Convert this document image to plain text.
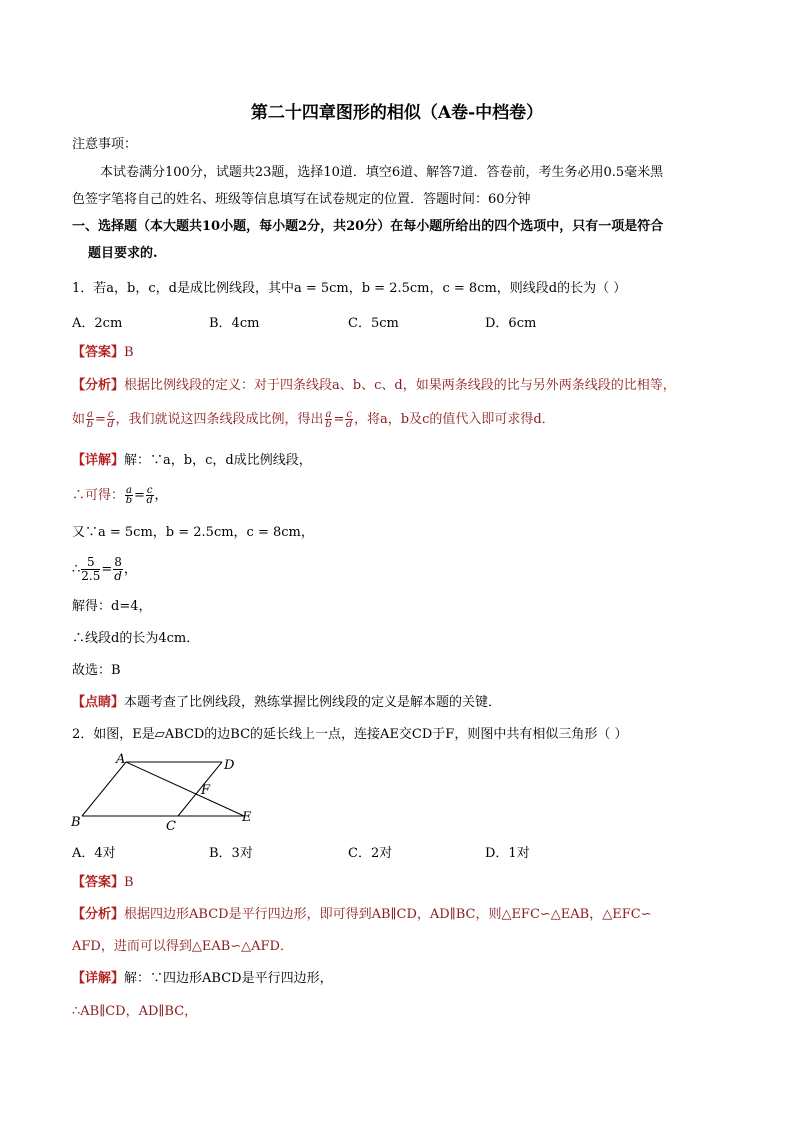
第二十四章图形的相似（A卷-中档卷）
注意事项：
本试卷满分100分，试题共23题，选择10道．填空6道、解答7道．答卷前，考生务必用0.5毫米黑
色签字笔将自己的姓名、班级等信息填写在试卷规定的位置．答题时间：60分钟
一、选择题（本大题共10小题，每小题2分，共20分）在每小题所给出的四个选项中，只有一项是符合
题目要求的.
1．若a，b，c，d是成比例线段，其中a = 5cm，b = 2.5cm，c = 8cm，则线段d的长为（ ）
A．2cm	B．4cm	C．5cm	D．6cm
【答案】B
【分析】根据比例线段的定义：对于四条线段a、b、c、d，如果两条线段的比与另外两条线段的比相等，
如 $\frac{a}{b} = \frac{c}{d}$ ，我们就说这四条线段成比例，得出 $\frac{a}{b} = \frac{c}{d}$ ，将a，b及c的值代入即可求得d．
【详解】解：∵a，b，c，d成比例线段，
∴可得： $\frac{a}{b} = \frac{c}{d}$ ，
又∵a = 5cm，b = 2.5cm，c = 8cm，
∴ $\frac{5}{2.5} = \frac{8}{d}$ ，
解得：d=4，
∴线段d的长为4cm．
故选：B
【点睛】本题考查了比例线段，熟练掌握比例线段的定义是解本题的关键．
2．如图，E是▱ABCD的边BC的延长线上一点，连接AE交CD于F，则图中共有相似三角形（ ）
A	D
F
B	C
E
A．4对	B．3对	C．2对	D．1对
【答案】B
【分析】根据四边形ABCD是平行四边形，即可得到AB∥CD，AD∥BC，则△EFC∽△EAB，△EFC∽
AFD，进而可以得到△EAB∽△AFD．
【详解】解：∵四边形ABCD是平行四边形，
∴AB∥CD，AD∥BC，
